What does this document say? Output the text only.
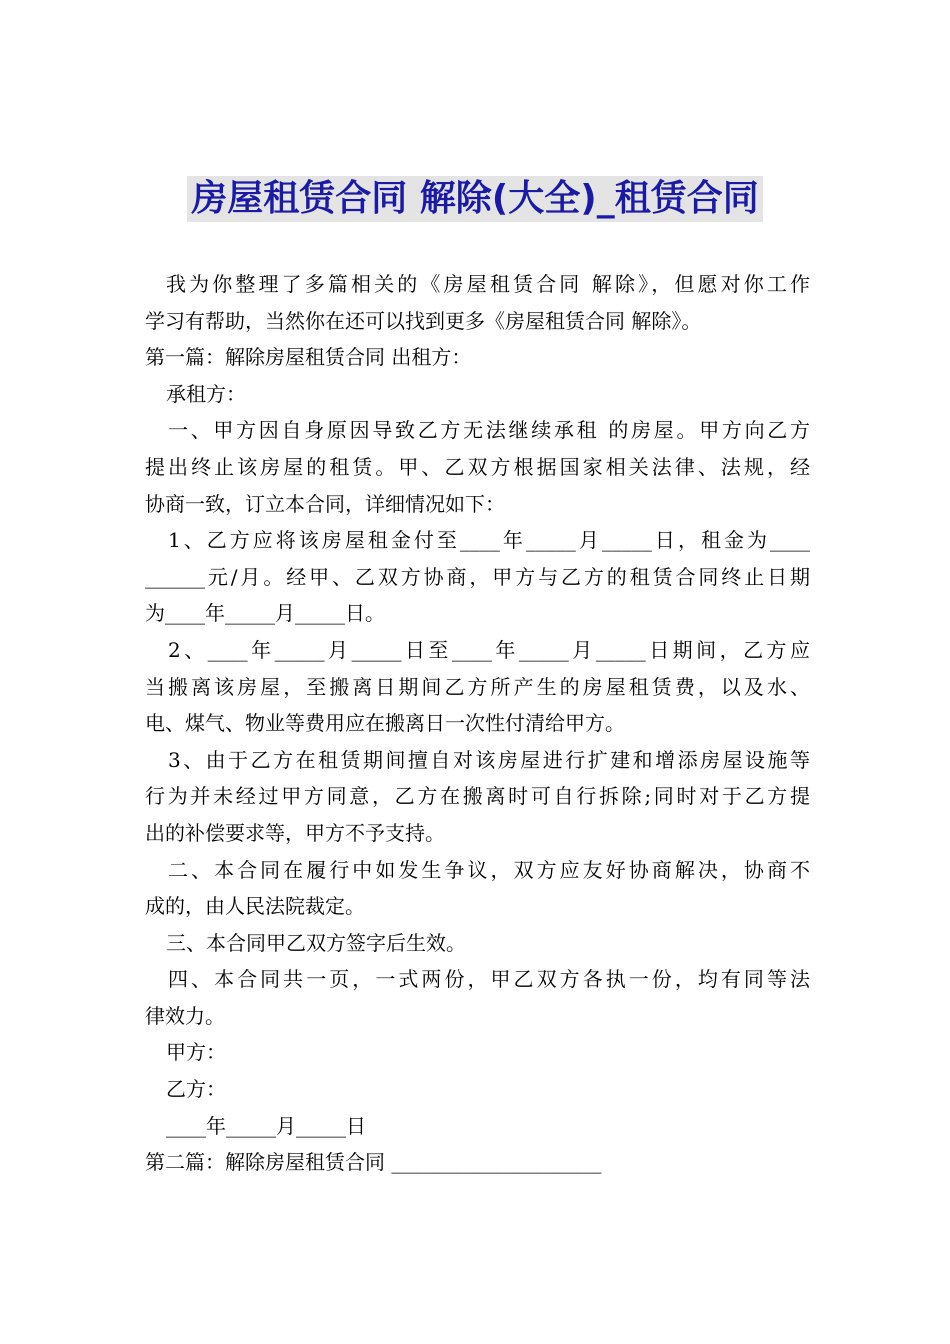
房屋租赁合同 解除(大全)_租赁合同
我为你整理了多篇相关的《房屋租赁合同 解除》，但愿对你工作
学习有帮助，当然你在还可以找到更多《房屋租赁合同 解除》。
第一篇：解除房屋租赁合同 出租方：
承租方：
一、甲方因自身原因导致乙方无法继续承租 的房屋。甲方向乙方
提出终止该房屋的租赁。甲、乙双方根据国家相关法律、法规，经
协商一致，订立本合同，详细情况如下：
1、乙方应将该房屋租金付至____年_____月_____日，租金为____
______元/月。经甲、乙双方协商，甲方与乙方的租赁合同终止日期
为____年_____月_____日。
2、____年_____月_____日至____年_____月_____日期间，乙方应
当搬离该房屋，至搬离日期间乙方所产生的房屋租赁费，以及水、
电、煤气、物业等费用应在搬离日一次性付清给甲方。
3、由于乙方在租赁期间擅自对该房屋进行扩建和增添房屋设施等
行为并未经过甲方同意，乙方在搬离时可自行拆除;同时对于乙方提
出的补偿要求等，甲方不予支持。
二、本合同在履行中如发生争议，双方应友好协商解决，协商不
成的，由人民法院裁定。
三、本合同甲乙双方签字后生效。
四、本合同共一页，一式两份，甲乙双方各执一份，均有同等法
律效力。
甲方：
乙方：
____年_____月_____日
第二篇：解除房屋租赁合同 _____________________
